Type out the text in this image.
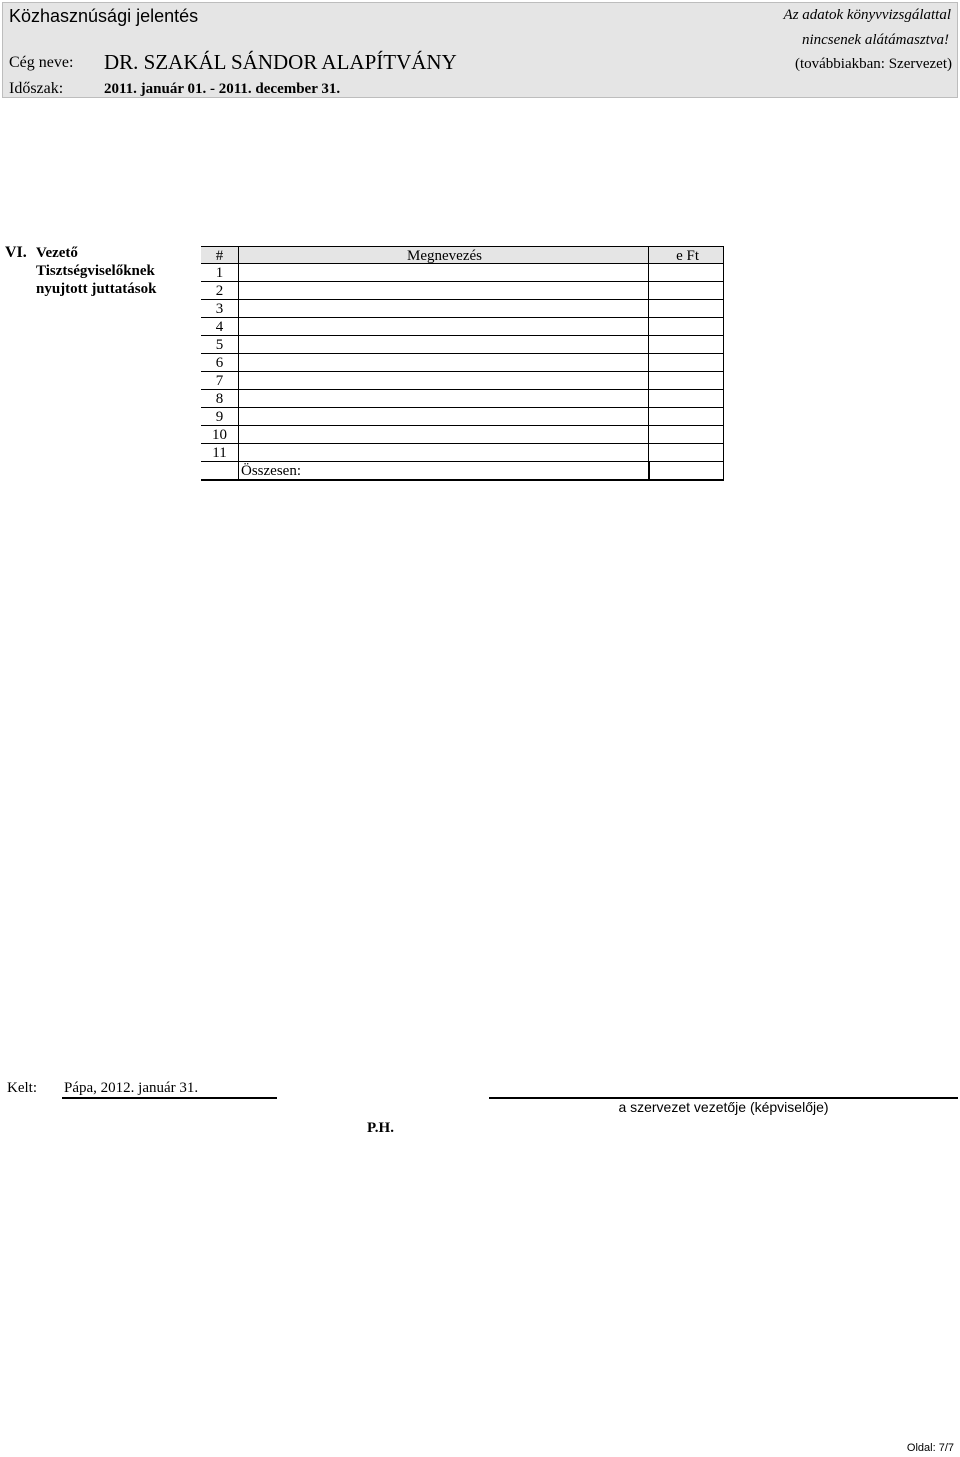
Közhasznúsági jelentés	Az adatok könyvvizsgálattal
nincsenek alátámasztva!
Cég neve: DR. SZAKÁL SÁNDOR ALAPÍTVÁNY	(továbbiakban: Szervezet)
Időszak:	2011. január 01. - 2011. december 31.
VI. Vezető
Tisztségviselőknek
nyujtott juttatások
#	Megnevezés	e Ft
1
2
3
4
5
6
7
8
9
10
11
Összesen:
Kelt: Pápa, 2012. január 31.
a szervezet vezetője (képviselője)
P.H.
Oldal: 7/7
